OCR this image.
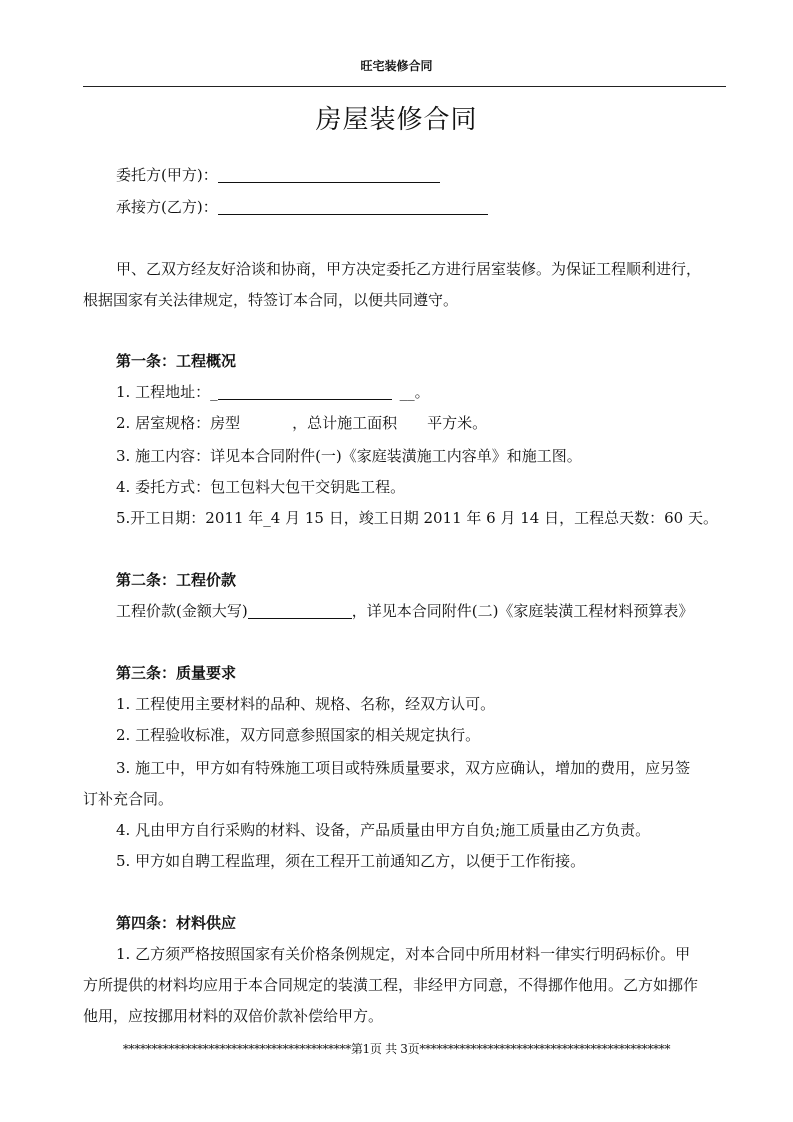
旺宅装修合同
房屋装修合同
委托方(甲方)：
承接方(乙方)：
甲、乙双方经友好洽谈和协商，甲方决定委托乙方进行居室装修。为保证工程顺利进行，
根据国家有关法律规定，特签订本合同，以便共同遵守。
第一条：工程概况
1. 工程地址：_	__。
2. 居室规格：房型	，总计施工面积 平方米。
3. 施工内容：详见本合同附件(一)《家庭装潢施工内容单》和施工图。
4. 委托方式：包工包料大包干交钥匙工程。
5.开工日期：2011 年_4 月 15 日，竣工日期 2011 年 6 月 14 日，工程总天数：60 天。
第二条：工程价款
工程价款(金额大写)	，详见本合同附件(二)《家庭装潢工程材料预算表》
第三条：质量要求
1. 工程使用主要材料的品种、规格、名称，经双方认可。
2. 工程验收标准，双方同意参照国家的相关规定执行。
3. 施工中，甲方如有特殊施工项目或特殊质量要求，双方应确认，增加的费用，应另签
订补充合同。
4. 凡由甲方自行采购的材料、设备，产品质量由甲方自负;施工质量由乙方负责。
5. 甲方如自聘工程监理，须在工程开工前通知乙方，以便于工作衔接。
第四条：材料供应
1. 乙方须严格按照国家有关价格条例规定，对本合同中所用材料一律实行明码标价。甲
方所提供的材料均应用于本合同规定的装潢工程，非经甲方同意，不得挪作他用。乙方如挪作
他用，应按挪用材料的双倍价款补偿给甲方。
****************************************第1页 共 3页********************************************
